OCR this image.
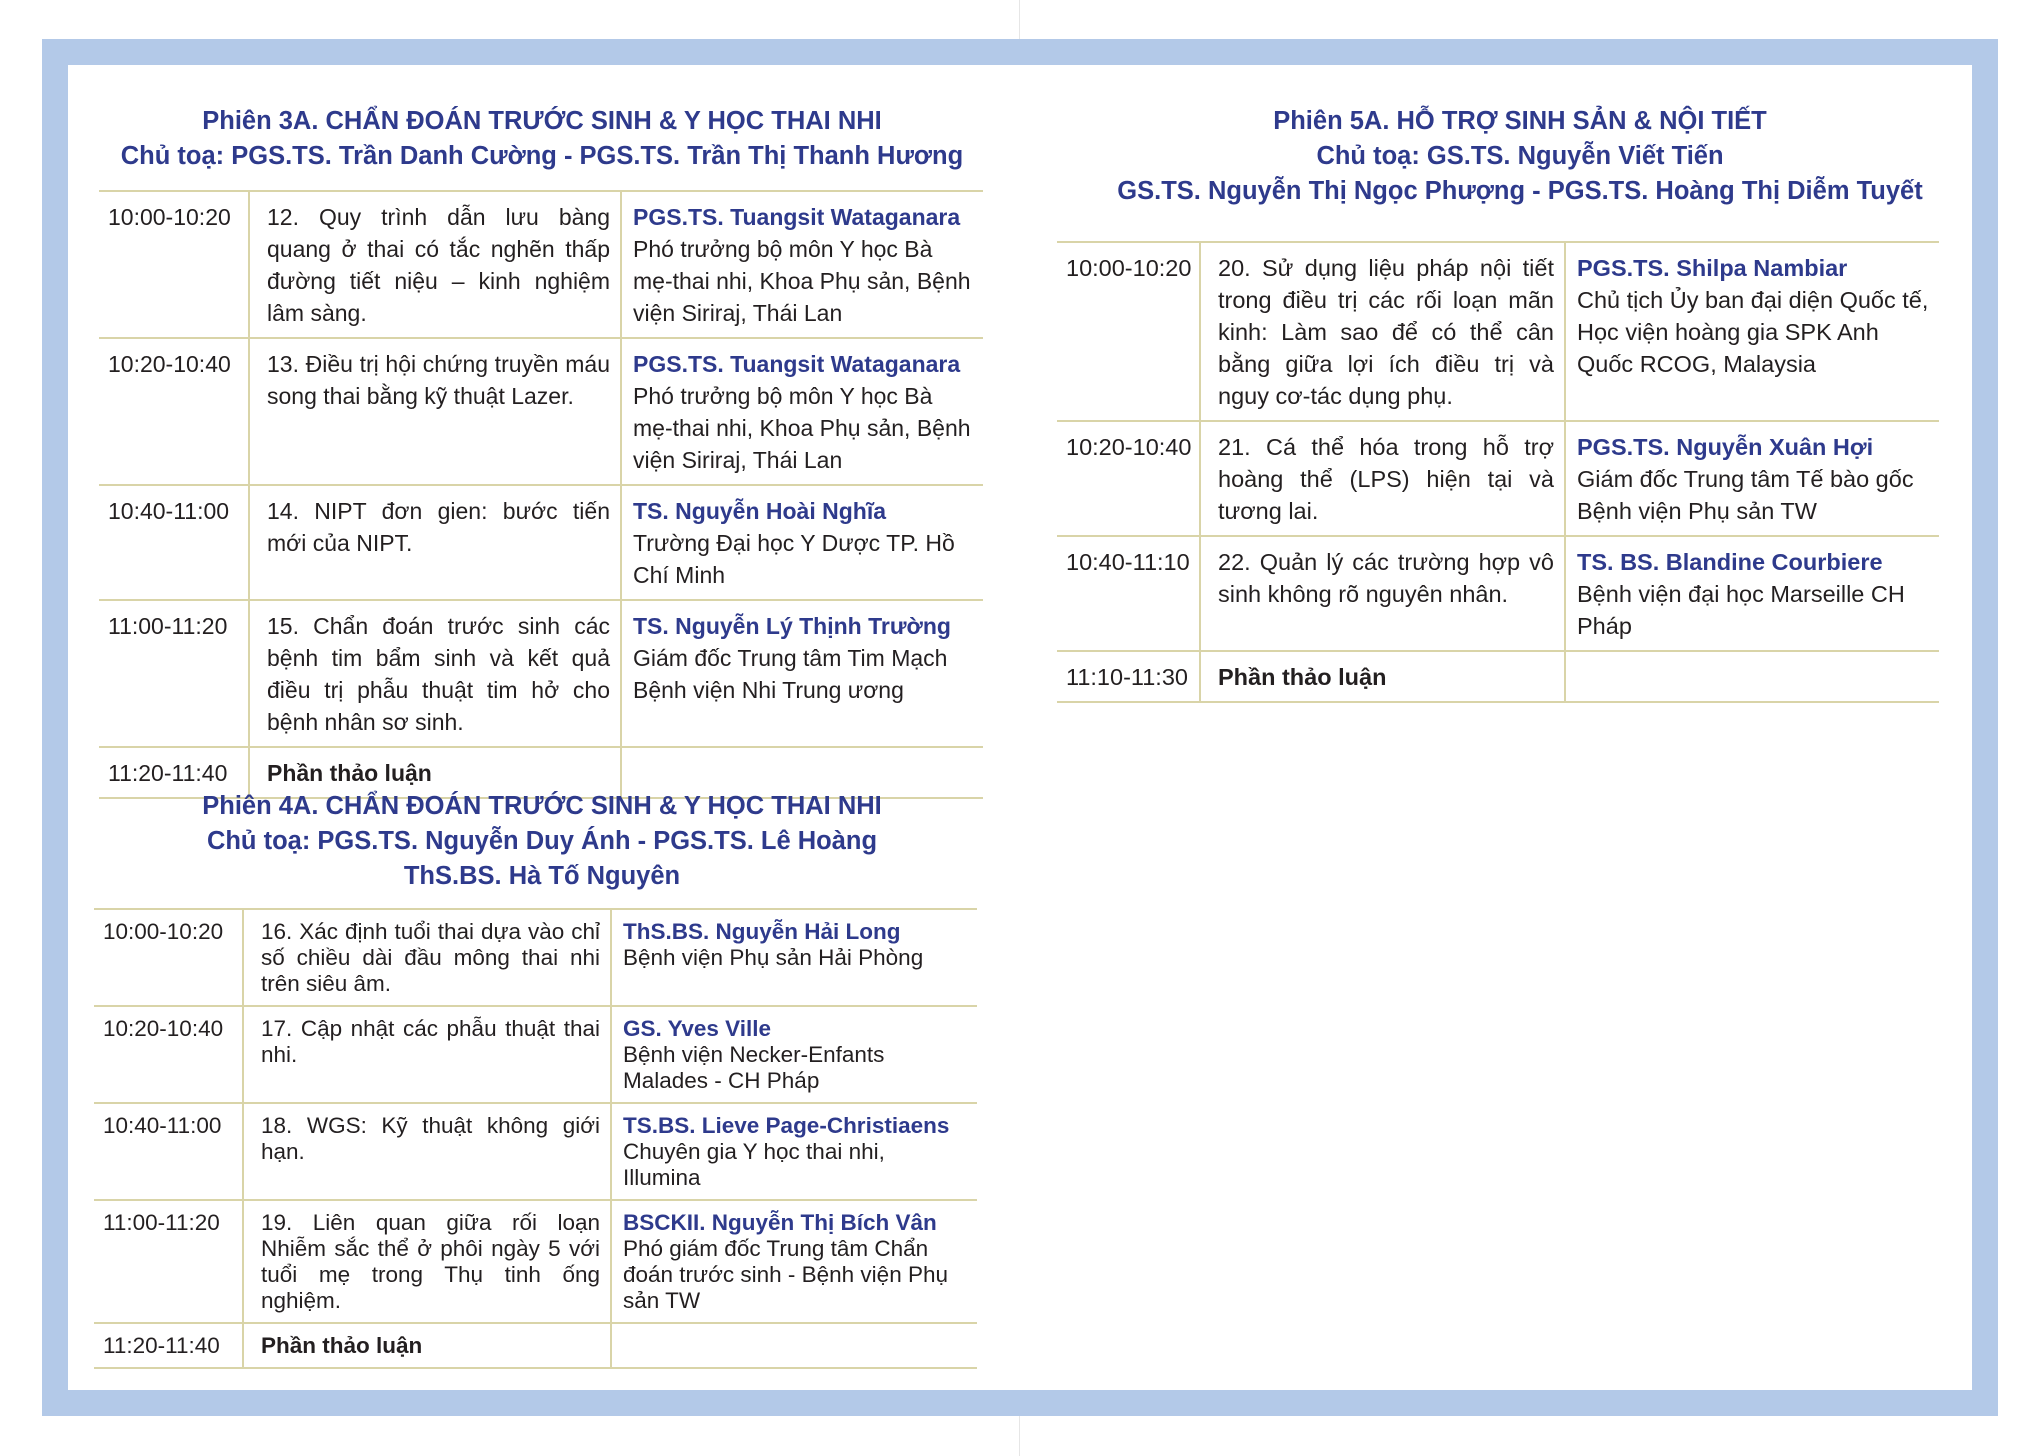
Phiên 3A. CHẨN ĐOÁN TRƯỚC SINH & Y HỌC THAI NHI
Chủ toạ: PGS.TS. Trần Danh Cường - PGS.TS. Trần Thị Thanh Hương
10:00-10:20	12. Quy trình dẫn lưu bàng quang ở thai có tắc nghẽn thấp đường tiết niệu – kinh nghiệm lâm sàng.	PGS.TS. Tuangsit Wataganara
Phó trưởng bộ môn Y học Bà mẹ-thai nhi, Khoa Phụ sản, Bệnh viện Siriraj, Thái Lan

10:20-10:40	13. Điều trị hội chứng truyền máu song thai bằng kỹ thuật Lazer.	PGS.TS. Tuangsit Wataganara
Phó trưởng bộ môn Y học Bà mẹ-thai nhi, Khoa Phụ sản, Bệnh viện Siriraj, Thái Lan

10:40-11:00	14. NIPT đơn gien: bước tiến mới của NIPT.	TS. Nguyễn Hoài Nghĩa
Trường Đại học Y Dược TP. Hồ Chí Minh

11:00-11:20	15. Chẩn đoán trước sinh các bệnh tim bẩm sinh và kết quả điều trị phẫu thuật tim hở cho bệnh nhân sơ sinh.	TS. Nguyễn Lý Thịnh Trường
Giám đốc Trung tâm Tim Mạch Bệnh viện Nhi Trung ương

11:20-11:40	Phần thảo luận	
Phiên 4A. CHẨN ĐOÁN TRƯỚC SINH & Y HỌC THAI NHI
Chủ toạ: PGS.TS. Nguyễn Duy Ánh - PGS.TS. Lê Hoàng
ThS.BS. Hà Tố Nguyên
10:00-10:20	16. Xác định tuổi thai dựa vào chỉ số chiều dài đầu mông thai nhi trên siêu âm.	ThS.BS. Nguyễn Hải Long
Bệnh viện Phụ sản Hải Phòng

10:20-10:40	17. Cập nhật các phẫu thuật thai nhi.	GS. Yves Ville
Bệnh viện Necker-Enfants Malades - CH Pháp

10:40-11:00	18. WGS: Kỹ thuật không giới hạn.	TS.BS. Lieve Page-Christiaens
Chuyên gia Y học thai nhi, Illumina

11:00-11:20	19. Liên quan giữa rối loạn Nhiễm sắc thể ở phôi ngày 5 với tuổi mẹ trong Thụ tinh ống nghiệm.	BSCKII. Nguyễn Thị Bích Vân
Phó giám đốc Trung tâm Chẩn đoán trước sinh - Bệnh viện Phụ sản TW

11:20-11:40	Phần thảo luận	
Phiên 5A. HỖ TRỢ SINH SẢN & NỘI TIẾT
Chủ toạ: GS.TS. Nguyễn Viết Tiến
GS.TS. Nguyễn Thị Ngọc Phượng - PGS.TS. Hoàng Thị Diễm Tuyết
10:00-10:20	20. Sử dụng liệu pháp nội tiết trong điều trị các rối loạn mãn kinh: Làm sao để có thể cân bằng giữa lợi ích điều trị và nguy cơ-tác dụng phụ.	PGS.TS. Shilpa Nambiar
Chủ tịch Ủy ban đại diện Quốc tế, Học viện hoàng gia SPK Anh Quốc RCOG, Malaysia

10:20-10:40	21. Cá thể hóa trong hỗ trợ hoàng thể (LPS) hiện tại và tương lai.	PGS.TS. Nguyễn Xuân Hợi
Giám đốc Trung tâm Tế bào gốc Bệnh viện Phụ sản TW

10:40-11:10	22. Quản lý các trường hợp vô sinh không rõ nguyên nhân.	TS. BS. Blandine Courbiere
Bệnh viện đại học Marseille CH Pháp

11:10-11:30	Phần thảo luận	
